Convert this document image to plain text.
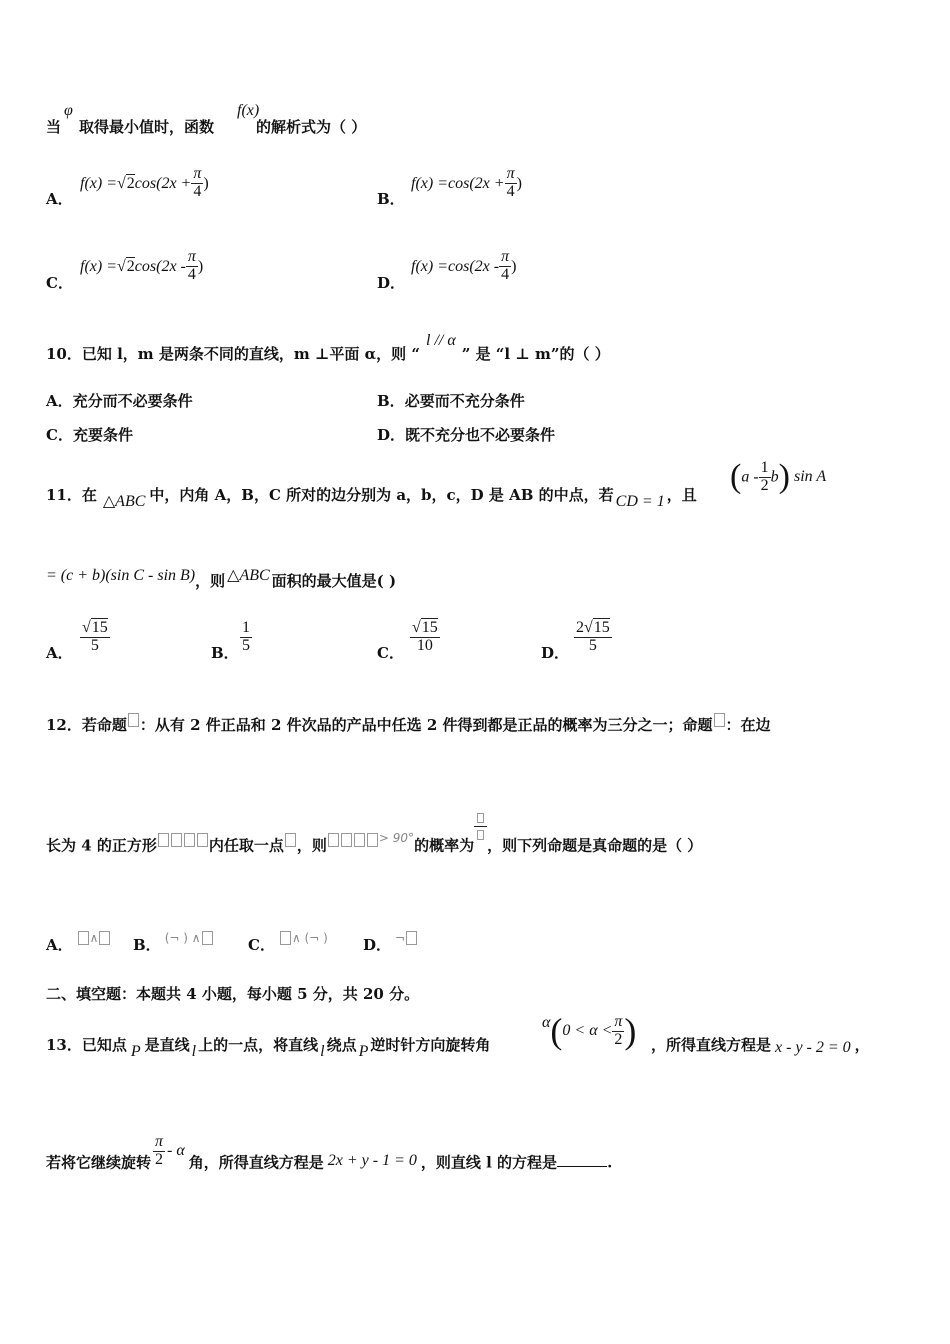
当
φ
取得最小值时，函数
f(x)
的解析式为（ ）
A．
$f(x) =√2\cos(2x + \frac{\pi}{4}$ )
B．
$f(x) =\cos(2x + \frac{\pi}{4}$ )
C．
$f(x) =√2\cos(2x - \frac{\pi}{4}$ )
D．
$f(x) =\cos(2x - \frac{\pi}{4}$ )
10．已知 l，m 是两条不同的直线，m ⊥平面 α，则 “l // α” 是 “l ⊥ m”的（ ）
A．充分而不必要条件	B．必要而不充分条件
C．充要条件	D．既不充分也不必要条件
11．在 △ABC 中，内角 A，B，C 所对的边分别为 a，b，c，D 是 AB 的中点，若 CD = 1 ，且 $(a - \frac{1}{2} b)$ sin A
= (c + b)(sin C - sin B)，则 △ABC 面积的最大值是( )
A． $\frac{√15}{5}$	B． $\frac{1}{5}$	C． $\frac{√15}{10}$	D． $\frac{2√15}{5}$
12．若命题 ：从有 2 件正品和 2 件次品的产品中任选 2 件得到都是正品的概率为三分之一；命题 ：在边
长为 4 的正方形	内任取一点 ，则	$^{> 90^\circ}$的概率为 ，则下列命题是真命题的是（ ）
A． ∧	B． (¬ ) ∧	C． ∧ (¬ ) D． ¬
二、填空题：本题共 4 小题，每小题 5 分，共 20 分。
13．已知点 P 是直线 l 上的一点，将直线 l 绕点 P 逆时针方向旋转角
$\alpha(0 < \alpha < \frac{\pi}{2}$ ) ，所得直线方程是 x - y - 2 = 0 ，
若将它继续旋转 $\frac{\pi}{2}$ - α角，所得直线方程是 2x + y - 1 = 0 ，则直线 l 的方程是	.
